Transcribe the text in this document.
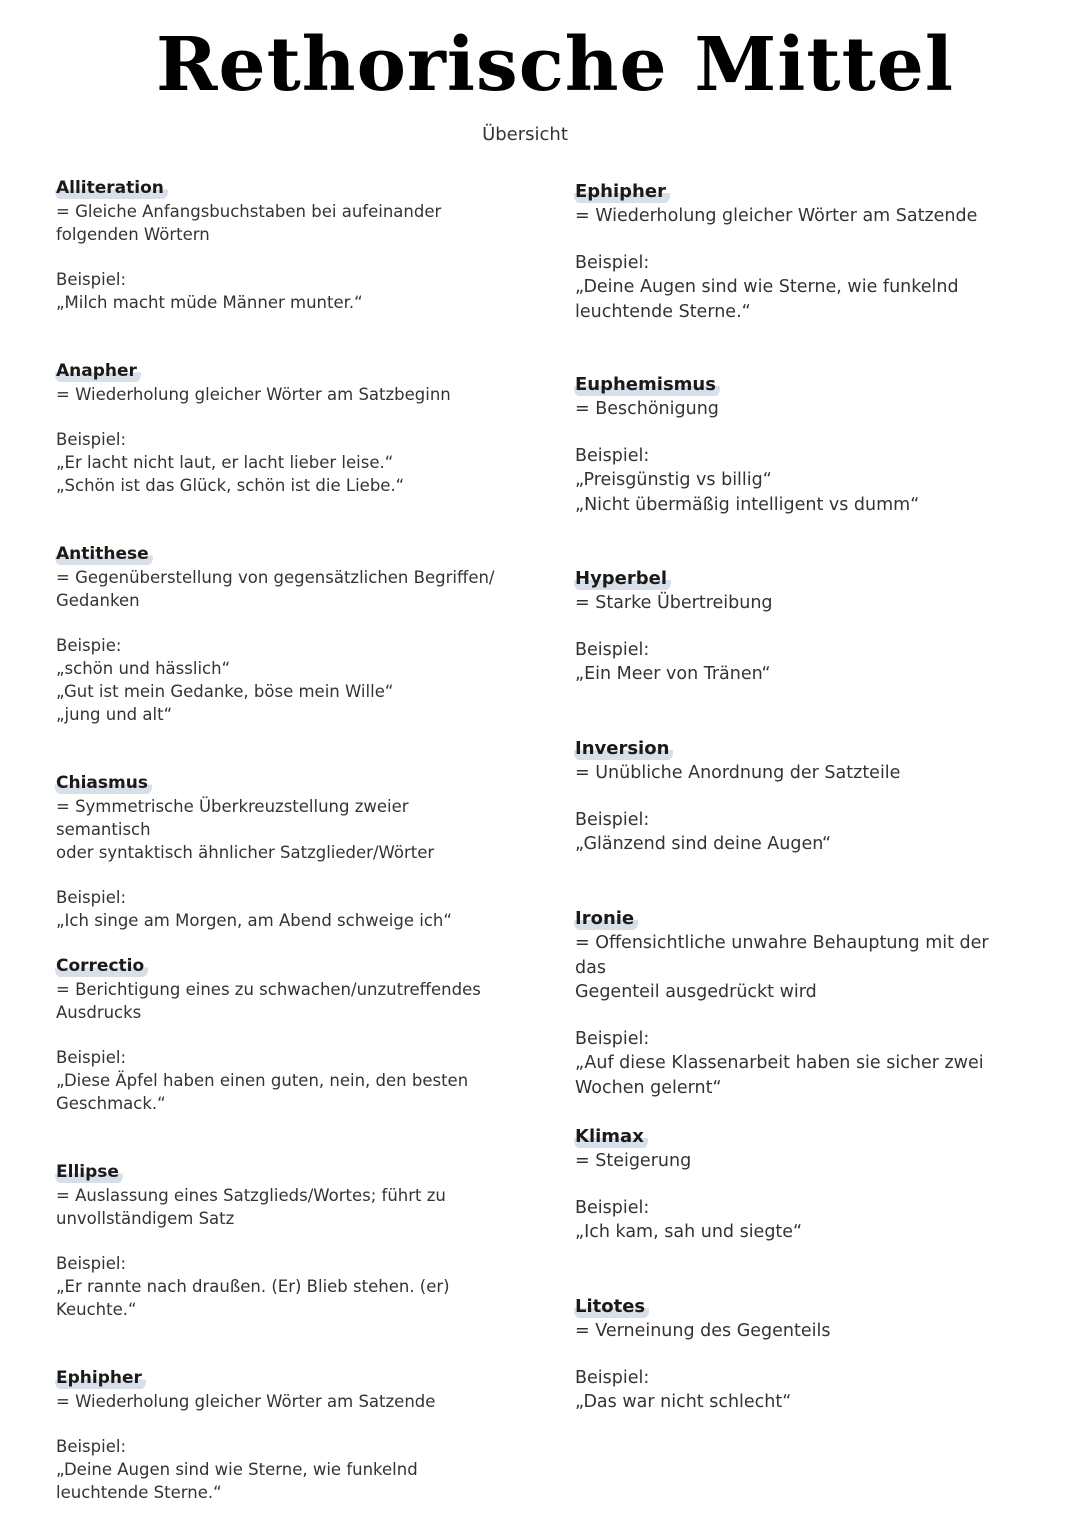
Rethorische Mittel
Übersicht
Alliteration

= Gleiche Anfangsbuchstaben bei aufeinander

folgenden Wörtern

Beispiel:

„Milch macht müde Männer munter.“

Anapher

= Wiederholung gleicher Wörter am Satzbeginn

Beispiel:

„Er lacht nicht laut, er lacht lieber leise.“

„Schön ist das Glück, schön ist die Liebe.“

Antithese

= Gegenüberstellung von gegensätzlichen Begriffen/

Gedanken

Beispie:

„schön und hässlich“

„Gut ist mein Gedanke, böse mein Wille“

„jung und alt“

Chiasmus

= Symmetrische Überkreuzstellung zweier semantisch

oder syntaktisch ähnlicher Satzglieder/Wörter

Beispiel:

„Ich singe am Morgen, am Abend schweige ich“

Correctio

= Berichtigung eines zu schwachen/unzutreffendes

Ausdrucks

Beispiel:

„Diese Äpfel haben einen guten, nein, den besten

Geschmack.“

Ellipse

= Auslassung eines Satzglieds/Wortes; führt zu

unvollständigem Satz

Beispiel:

„Er rannte nach draußen. (Er) Blieb stehen. (er)

Keuchte.“

Ephipher

= Wiederholung gleicher Wörter am Satzende

Beispiel:

„Deine Augen sind wie Sterne, wie funkelnd

leuchtende Sterne.“

Ephipher

= Wiederholung gleicher Wörter am Satzende

Beispiel:

„Deine Augen sind wie Sterne, wie funkelnd

leuchtende Sterne.“

Euphemismus

= Beschönigung

Beispiel:

„Preisgünstig vs billig“

„Nicht übermäßig intelligent vs dumm“

Hyperbel

= Starke Übertreibung

Beispiel:

„Ein Meer von Tränen“

Inversion

= Unübliche Anordnung der Satzteile

Beispiel:

„Glänzend sind deine Augen“

Ironie

= Offensichtliche unwahre Behauptung mit der das

Gegenteil ausgedrückt wird

Beispiel:

„Auf diese Klassenarbeit haben sie sicher zwei

Wochen gelernt“

Klimax

= Steigerung

Beispiel:

„Ich kam, sah und siegte“

Litotes

= Verneinung des Gegenteils

Beispiel:

„Das war nicht schlecht“
